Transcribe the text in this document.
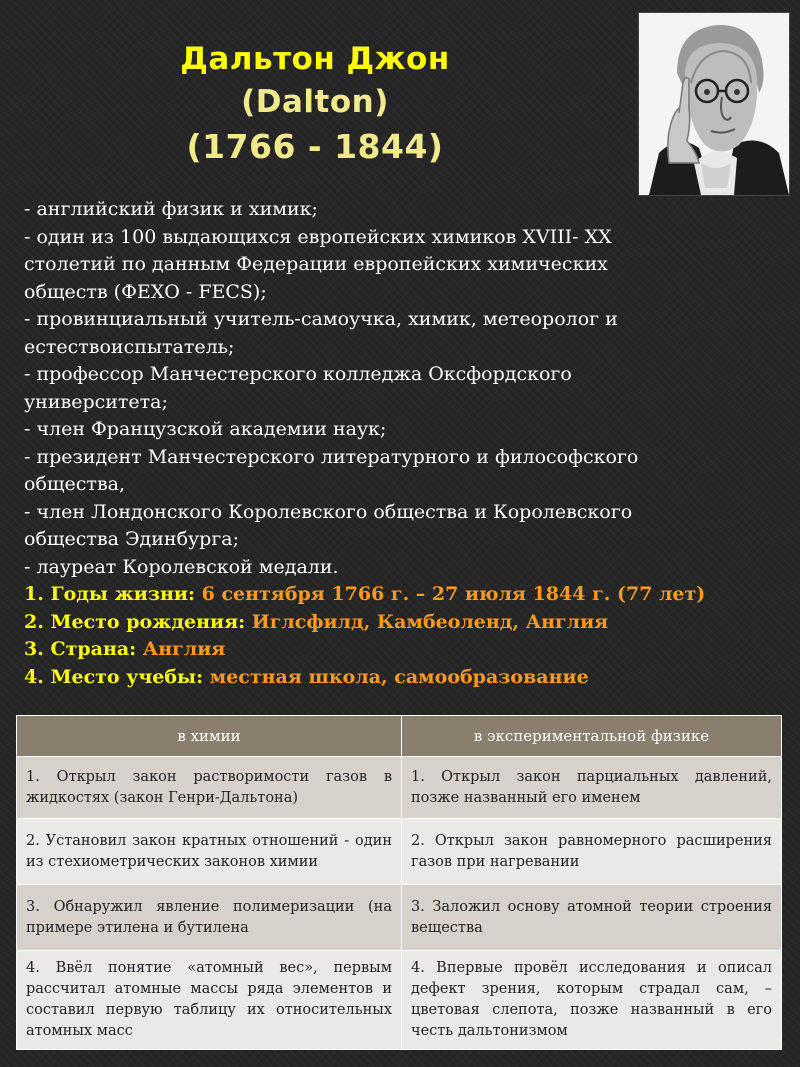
Дальтон Джон
(Dalton)
(1766 - 1844)
- английский физик и химик;
- один из 100 выдающихся европейских химиков XVIII- XX
столетий по данным Федерации европейских химических
обществ (ФЕХО - FECS);
- провинциальный учитель-самоучка, химик, метеоролог и
естествоиспытатель;
- профессор Манчестерского колледжа Оксфордского
университета;
- член Французской академии наук;
- президент Манчестерского литературного и философского
общества,
- член Лондонского Королевского общества и Королевского
общества Эдинбурга;
- лауреат Королевской медали.
1. Годы жизни: 6 сентября 1766 г. – 27 июля 1844 г. (77 лет)
2. Место рождения: Иглсфилд, Камбеоленд, Англия
3. Страна: Англия
4. Место учебы: местная школа, самообразование
в химии	в экспериментальной физике
1. Открыл закон растворимости газов в жидкостях (закон Генри-Дальтона)	1. Открыл закон парциальных давлений, позже названный его именем
2. Установил закон кратных отношений - один из стехиометрических законов химии	2. Открыл закон равномерного расширения газов при нагревании
3. Обнаружил явление полимеризации (на примере этилена и бутилена	3. Заложил основу атомной теории строения вещества
4. Ввёл понятие «атомный вес», первым рассчитал атомные массы ряда элементов и составил первую таблицу их относительных атомных масс	4. Впервые провёл исследования и описал дефект зрения, которым страдал сам, – цветовая слепота, позже названный в его честь дальтонизмом
